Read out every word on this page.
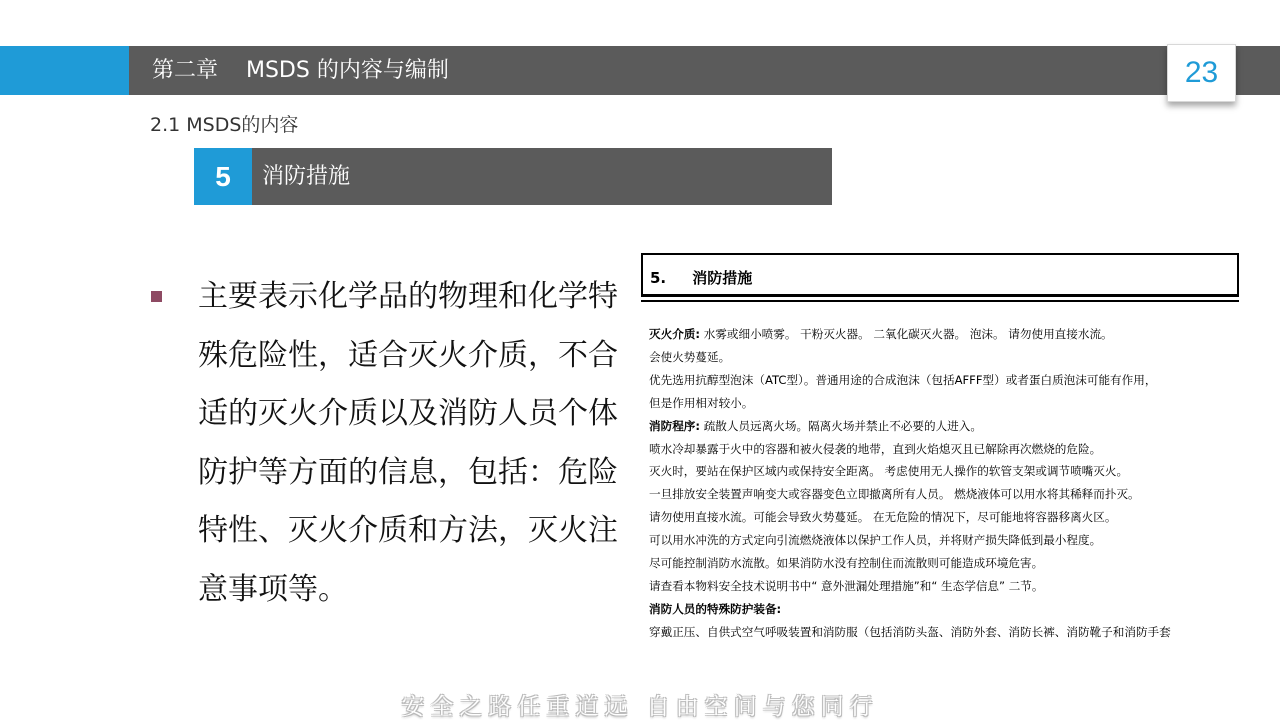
第二章    MSDS 的内容与编制	23
2.1 MSDS的内容
5	消防措施
主要表示化学品的物理和化学特殊危险性，适合灭火介质，不合适的灭火介质以及消防人员个体防护等方面的信息，包括：危险特性、灭火介质和方法，灭火注意事项等。
5.     消防措施
灭火介质: 水雾或细小喷雾。 干粉灭火器。 二氧化碳灭火器。 泡沫。 请勿使用直接水流。
会使火势蔓延。
优先选用抗醇型泡沫（ATC型）。普通用途的合成泡沫（包括AFFF型）或者蛋白质泡沫可能有作用，
但是作用相对较小。
消防程序: 疏散人员远离火场。隔离火场并禁止不必要的人进入。
喷水冷却暴露于火中的容器和被火侵袭的地带，直到火焰熄灭且已解除再次燃烧的危险。
灭火时，要站在保护区域内或保持安全距离。 考虑使用无人操作的软管支架或调节喷嘴灭火。
一旦排放安全装置声响变大或容器变色立即撤离所有人员。 燃烧液体可以用水将其稀释而扑灭。
请勿使用直接水流。可能会导致火势蔓延。 在无危险的情况下，尽可能地将容器移离火区。
可以用水冲洗的方式定向引流燃烧液体以保护工作人员，并将财产损失降低到最小程度。
尽可能控制消防水流散。如果消防水没有控制住而流散则可能造成环境危害。
请查看本物料安全技术说明书中“ 意外泄漏处理措施”和“ 生态学信息” 二节。
消防人员的特殊防护装备:
穿戴正压、自供式空气呼吸装置和消防服（包括消防头盔、消防外套、消防长裤、消防靴子和消防手套
安全之路任重道远 自由空间与您同行
